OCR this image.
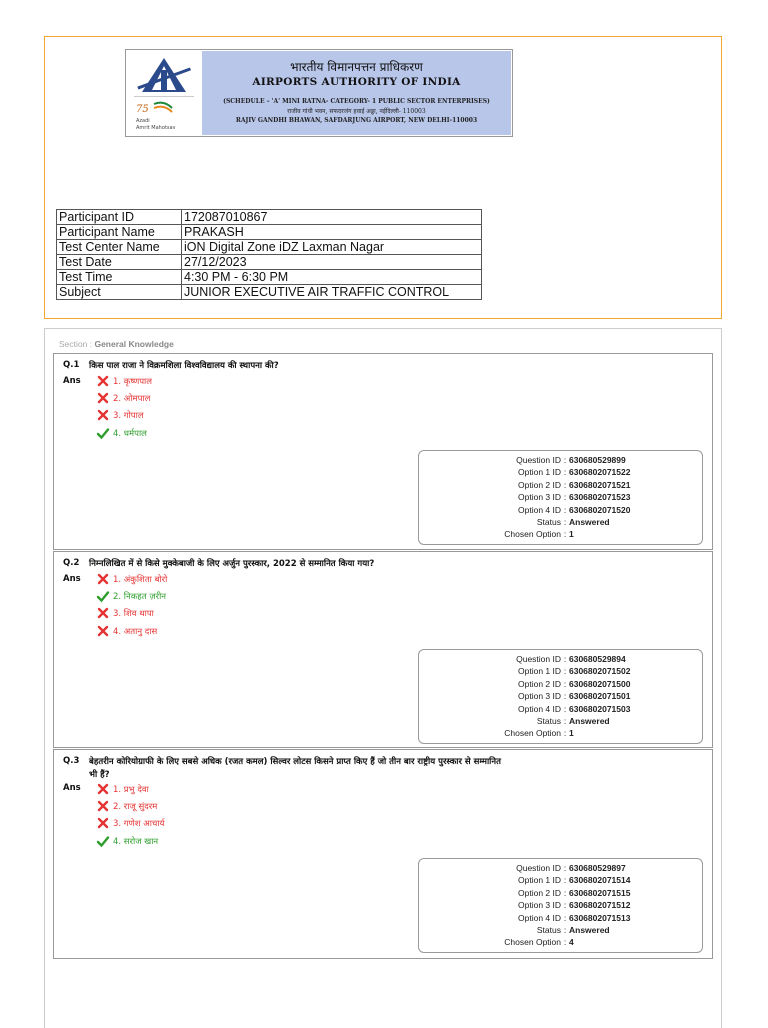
75
Azadi
Amrit Mahotsav
भारतीय विमानपत्तन प्राधिकरण
AIRPORTS AUTHORITY OF INDIA
(SCHEDULE – 'A' MINI RATNA- CATEGORY- 1 PUBLIC SECTOR ENTERPRISES)
राजीव गांधी भवन, सफदरजंग हवाई अड्डा, नईदिल्ली- 110003
RAJIV GANDHI BHAWAN, SAFDARJUNG AIRPORT, NEW DELHI-110003
Participant ID	172087010867
Participant Name	PRAKASH
Test Center Name	iON Digital Zone iDZ Laxman Nagar
Test Date	27/12/2023
Test Time	4:30 PM - 6:30 PM
Subject	JUNIOR EXECUTIVE AIR TRAFFIC CONTROL
Section : General Knowledge
Q.1 किस पाल राजा ने विक्रमशिला विश्वविद्यालय की स्थापना की?
Ans	1. कृष्णपाल
2. ओमपाल
3. गोपाल
4. धर्मपाल
Question ID : 630680529899
Option 1 ID : 6306802071522
Option 2 ID : 6306802071521
Option 3 ID : 6306802071523
Option 4 ID : 6306802071520
Status : Answered
Chosen Option : 1
Q.2 निम्नलिखित में से किसे मुक्केबाजी के लिए अर्जुन पुरस्कार, 2022 से सम्मानित किया गया?
Ans	1. अंकुशिता बोरो
2. निकहत ज़रीन
3. शिव थापा
4. अतानु दास
Question ID : 630680529894
Option 1 ID : 6306802071502
Option 2 ID : 6306802071500
Option 3 ID : 6306802071501
Option 4 ID : 6306802071503
Status : Answered
Chosen Option : 1
Q.3 बेहतरीन कोरियोग्राफी के लिए सबसे अधिक (रजत कमल) सिल्वर लोटस किसने प्राप्त किए हैं जो तीन बार राष्ट्रीय पुरस्कार से सम्मानित भी हैं?
Ans	1. प्रभु देवा
2. राजू सुंदरम
3. गणेश आचार्य
4. सरोज खान
Question ID : 630680529897
Option 1 ID : 6306802071514
Option 2 ID : 6306802071515
Option 3 ID : 6306802071512
Option 4 ID : 6306802071513
Status : Answered
Chosen Option : 4
